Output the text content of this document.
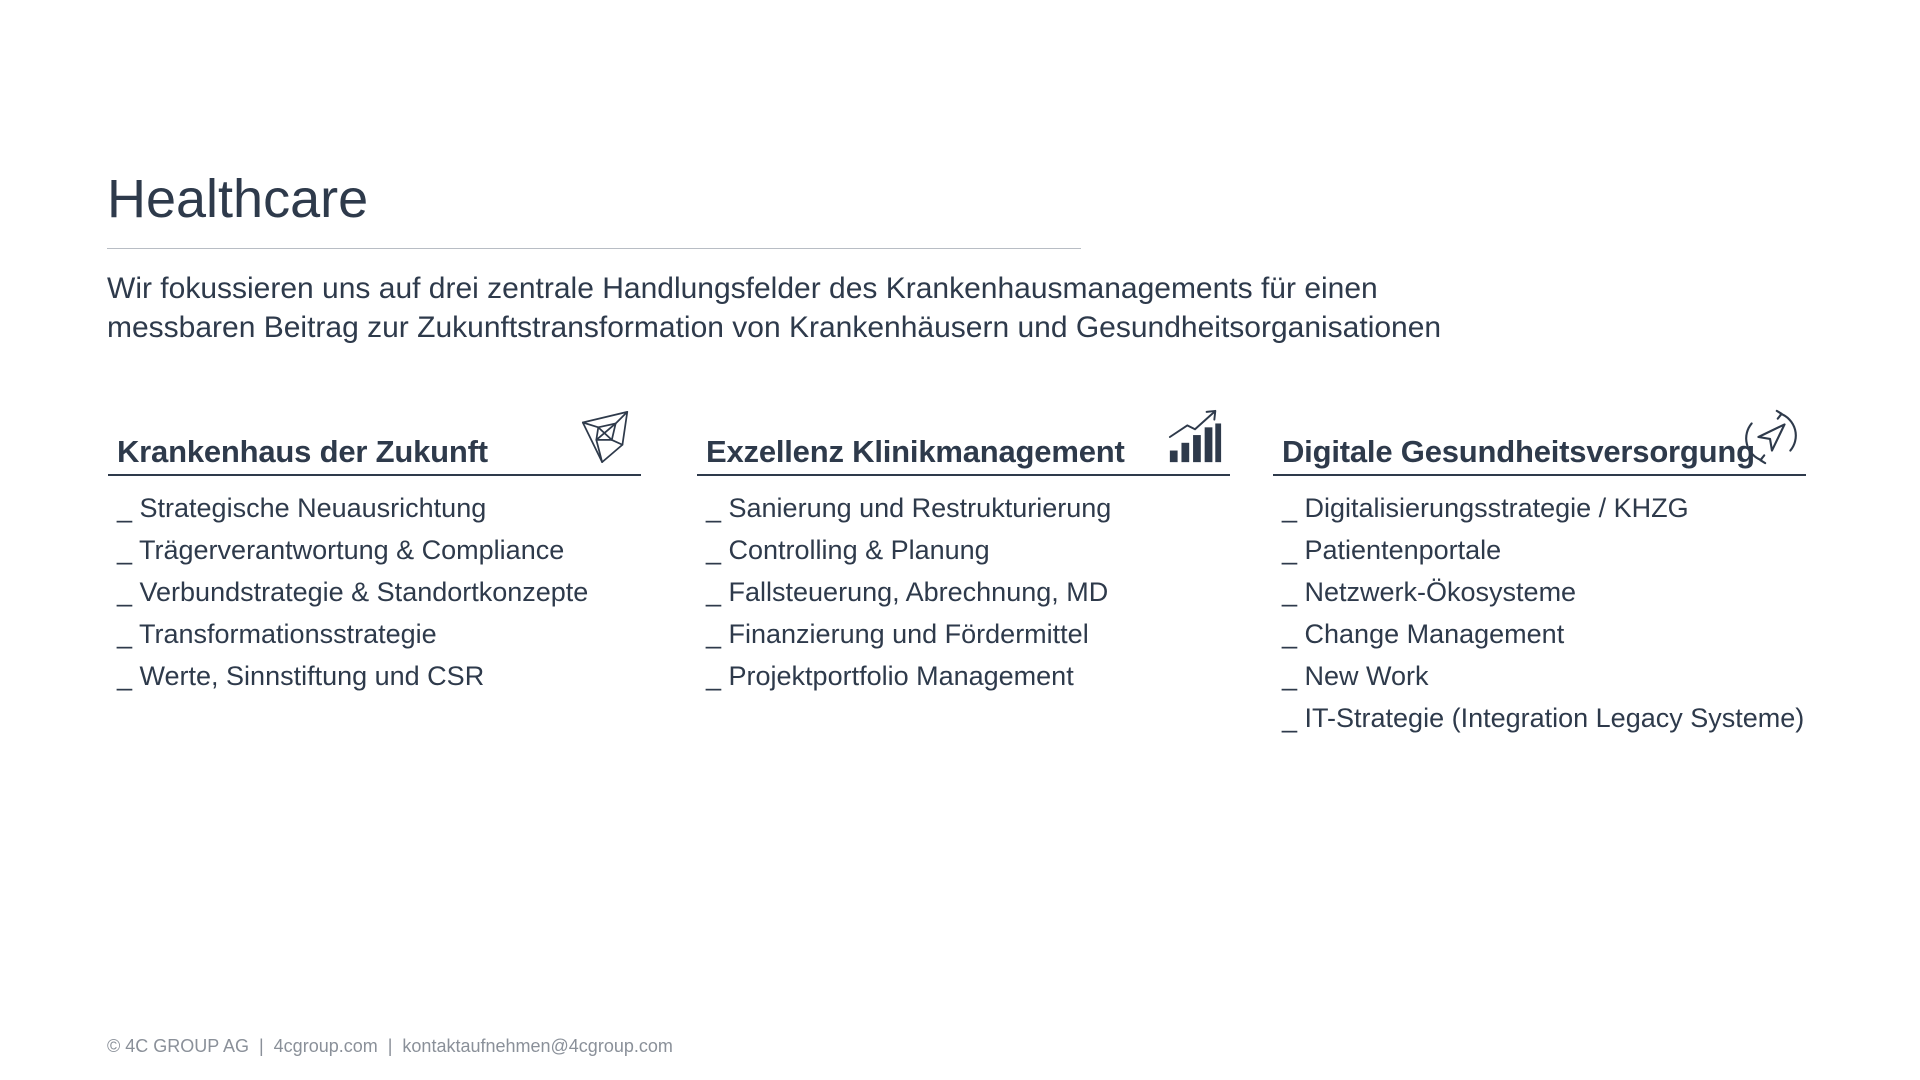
Healthcare

Wir fokussieren uns auf drei zentrale Handlungsfelder des Krankenhausmanagements für einen
messbaren Beitrag zur Zukunftstransformation von Krankenhäusern und Gesundheitsorganisationen

Krankenhaus der Zukunft
_ Strategische Neuausrichtung
_ Trägerverantwortung & Compliance
_ Verbundstrategie & Standortkonzepte
_ Transformationsstrategie
_ Werte, Sinnstiftung und CSR
Exzellenz Klinikmanagement
_ Sanierung und Restrukturierung
_ Controlling & Planung
_ Fallsteuerung, Abrechnung, MD
_ Finanzierung und Fördermittel
_ Projektportfolio Management
Digitale Gesundheitsversorgung
_ Digitalisierungsstrategie / KHZG
_ Patientenportale
_ Netzwerk-Ökosysteme
_ Change Management
_ New Work
_ IT-Strategie (Integration Legacy Systeme)
© 4C GROUP AG | 4cgroup.com | kontaktaufnehmen@4cgroup.com
